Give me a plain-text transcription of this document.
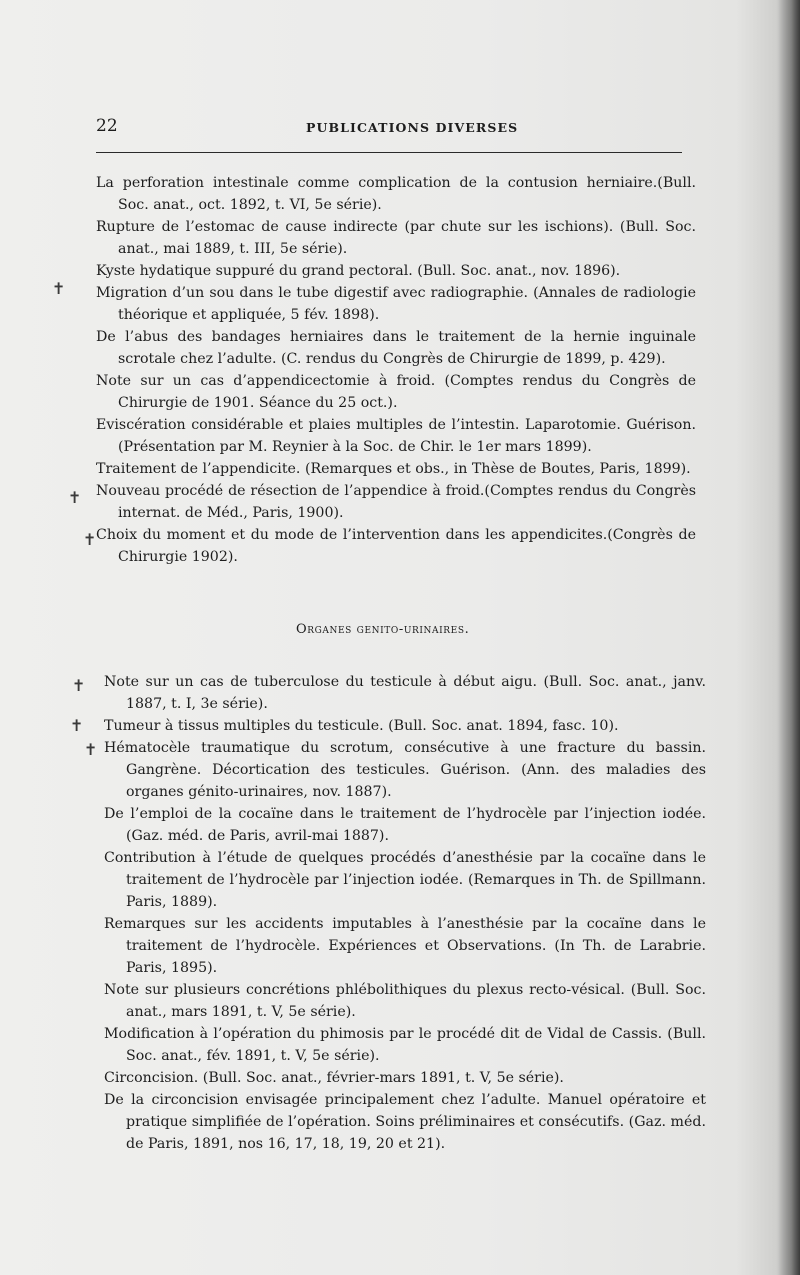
22	PUBLICATIONS DIVERSES
✝
✝
✝
✝
✝
✝

La perforation intestinale comme complication de la contusion herniaire.(Bull. Soc. anat., oct. 1892, t. VI, 5e série).

Rupture de l’estomac de cause indirecte (par chute sur les ischions). (Bull. Soc. anat., mai 1889, t. III, 5e série).

Kyste hydatique suppuré du grand pectoral. (Bull. Soc. anat., nov. 1896).

Migration d’un sou dans le tube digestif avec radiographie. (Annales de radiologie théorique et appliquée, 5 fév. 1898).

De l’abus des bandages herniaires dans le traitement de la hernie inguinale scrotale chez l’adulte. (C. rendus du Congrès de Chirurgie de 1899, p. 429).

Note sur un cas d’appendicectomie à froid. (Comptes rendus du Congrès de Chirurgie de 1901. Séance du 25 oct.).

Eviscération considérable et plaies multiples de l’intestin. Laparotomie. Guérison. (Présentation par M. Reynier à la Soc. de Chir. le 1er mars 1899).

Traitement de l’appendicite. (Remarques et obs., in Thèse de Boutes, Paris, 1899).

Nouveau procédé de résection de l’appendice à froid.(Comptes rendus du Congrès internat. de Méd., Paris, 1900).

Choix du moment et du mode de l’intervention dans les appendicites.(Congrès de Chirurgie 1902).

Organes genito-urinaires.

Note sur un cas de tuberculose du testicule à début aigu. (Bull. Soc. anat., janv. 1887, t. I, 3e série).

Tumeur à tissus multiples du testicule. (Bull. Soc. anat. 1894, fasc. 10).

Hématocèle traumatique du scrotum, consécutive à une fracture du bassin. Gangrène. Décortication des testicules. Guérison. (Ann. des maladies des organes génito-urinaires, nov. 1887).

De l’emploi de la cocaïne dans le traitement de l’hydrocèle par l’injection iodée. (Gaz. méd. de Paris, avril-mai 1887).

Contribution à l’étude de quelques procédés d’anesthésie par la cocaïne dans le traitement de l’hydrocèle par l’injection iodée. (Remarques in Th. de Spillmann. Paris, 1889).

Remarques sur les accidents imputables à l’anesthésie par la cocaïne dans le traitement de l’hydrocèle. Expériences et Observations. (In Th. de Larabrie. Paris, 1895).

Note sur plusieurs concrétions phlébolithiques du plexus recto-vésical. (Bull. Soc. anat., mars 1891, t. V, 5e série).

Modification à l’opération du phimosis par le procédé dit de Vidal de Cassis. (Bull. Soc. anat., fév. 1891, t. V, 5e série).

Circoncision. (Bull. Soc. anat., février-mars 1891, t. V, 5e série).

De la circoncision envisagée principalement chez l’adulte. Manuel opératoire et pratique simplifiée de l’opération. Soins préliminaires et consécutifs. (Gaz. méd. de Paris, 1891, nos 16, 17, 18, 19, 20 et 21).
